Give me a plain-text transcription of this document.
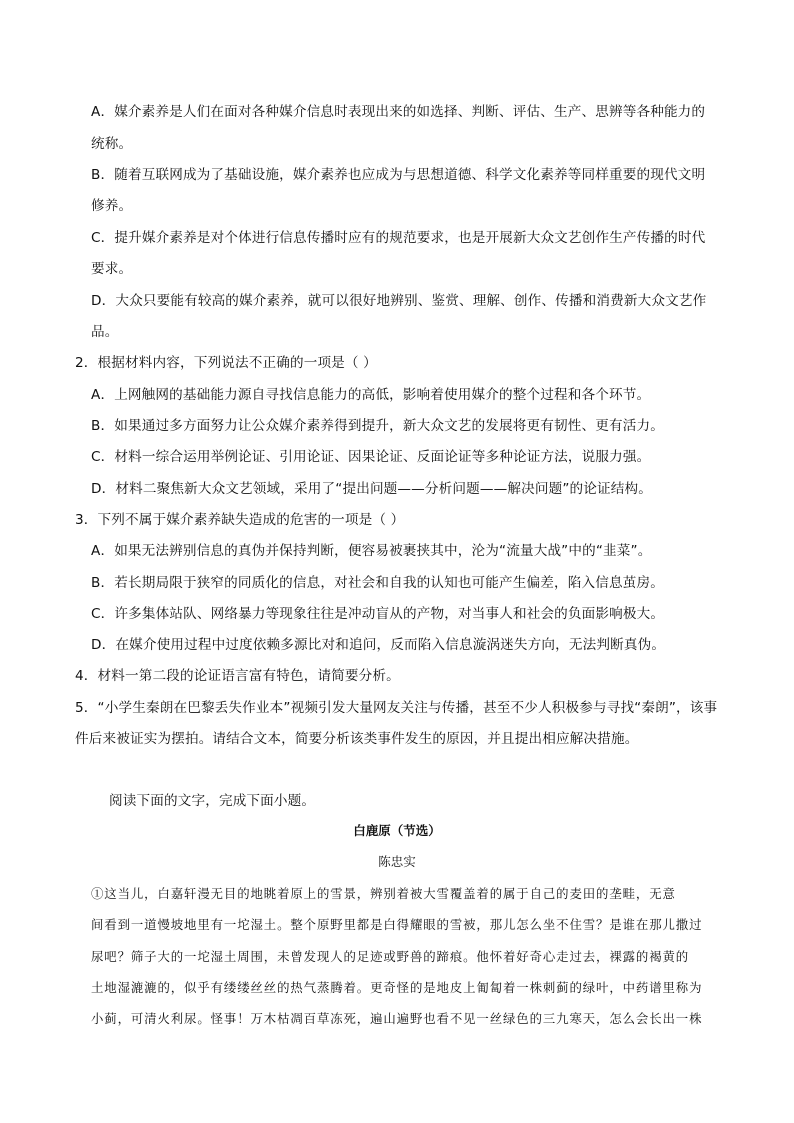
A．媒介素养是人们在面对各种媒介信息时表现出来的如选择、判断、评估、生产、思辨等各种能力的
统称。
B．随着互联网成为了基础设施，媒介素养也应成为与思想道德、科学文化素养等同样重要的现代文明
修养。
C．提升媒介素养是对个体进行信息传播时应有的规范要求，也是开展新大众文艺创作生产传播的时代
要求。
D．大众只要能有较高的媒介素养，就可以很好地辨别、鉴赏、理解、创作、传播和消费新大众文艺作
品。
2．根据材料内容，下列说法不正确的一项是（ ）
A．上网触网的基础能力源自寻找信息能力的高低，影响着使用媒介的整个过程和各个环节。
B．如果通过多方面努力让公众媒介素养得到提升，新大众文艺的发展将更有韧性、更有活力。
C．材料一综合运用举例论证、引用论证、因果论证、反面论证等多种论证方法，说服力强。
D．材料二聚焦新大众文艺领域，采用了“提出问题——分析问题——解决问题”的论证结构。
3．下列不属于媒介素养缺失造成的危害的一项是（ ）
A．如果无法辨别信息的真伪并保持判断，便容易被裹挟其中，沦为“流量大战”中的“韭菜”。
B．若长期局限于狭窄的同质化的信息，对社会和自我的认知也可能产生偏差，陷入信息茧房。
C．许多集体站队、网络暴力等现象往往是冲动盲从的产物，对当事人和社会的负面影响极大。
D．在媒介使用过程中过度依赖多源比对和追问，反而陷入信息漩涡迷失方向，无法判断真伪。
4．材料一第二段的论证语言富有特色，请简要分析。
5．“小学生秦朗在巴黎丢失作业本”视频引发大量网友关注与传播，甚至不少人积极参与寻找“秦朗”，该事
件后来被证实为摆拍。请结合文本，简要分析该类事件发生的原因，并且提出相应解决措施。
阅读下面的文字，完成下面小题。
白鹿原（节选）
陈忠实
①这当儿，白嘉轩漫无目的地眺着原上的雪景，辨别着被大雪覆盖着的属于自己的麦田的垄畦，无意
间看到一道慢坡地里有一坨湿土。整个原野里都是白得耀眼的雪被，那儿怎么坐不住雪？是谁在那儿撒过
尿吧？筛子大的一坨湿土周围，未曾发现人的足迹或野兽的蹄痕。他怀着好奇心走过去，裸露的褐黄的
土地湿漉漉的，似乎有缕缕丝丝的热气蒸腾着。更奇怪的是地皮上匍匐着一株刺蓟的绿叶，中药谱里称为
小蓟，可清火利尿。怪事！万木枯凋百草冻死，遍山遍野也看不见一丝绿色的三九寒天，怎么会长出一株
